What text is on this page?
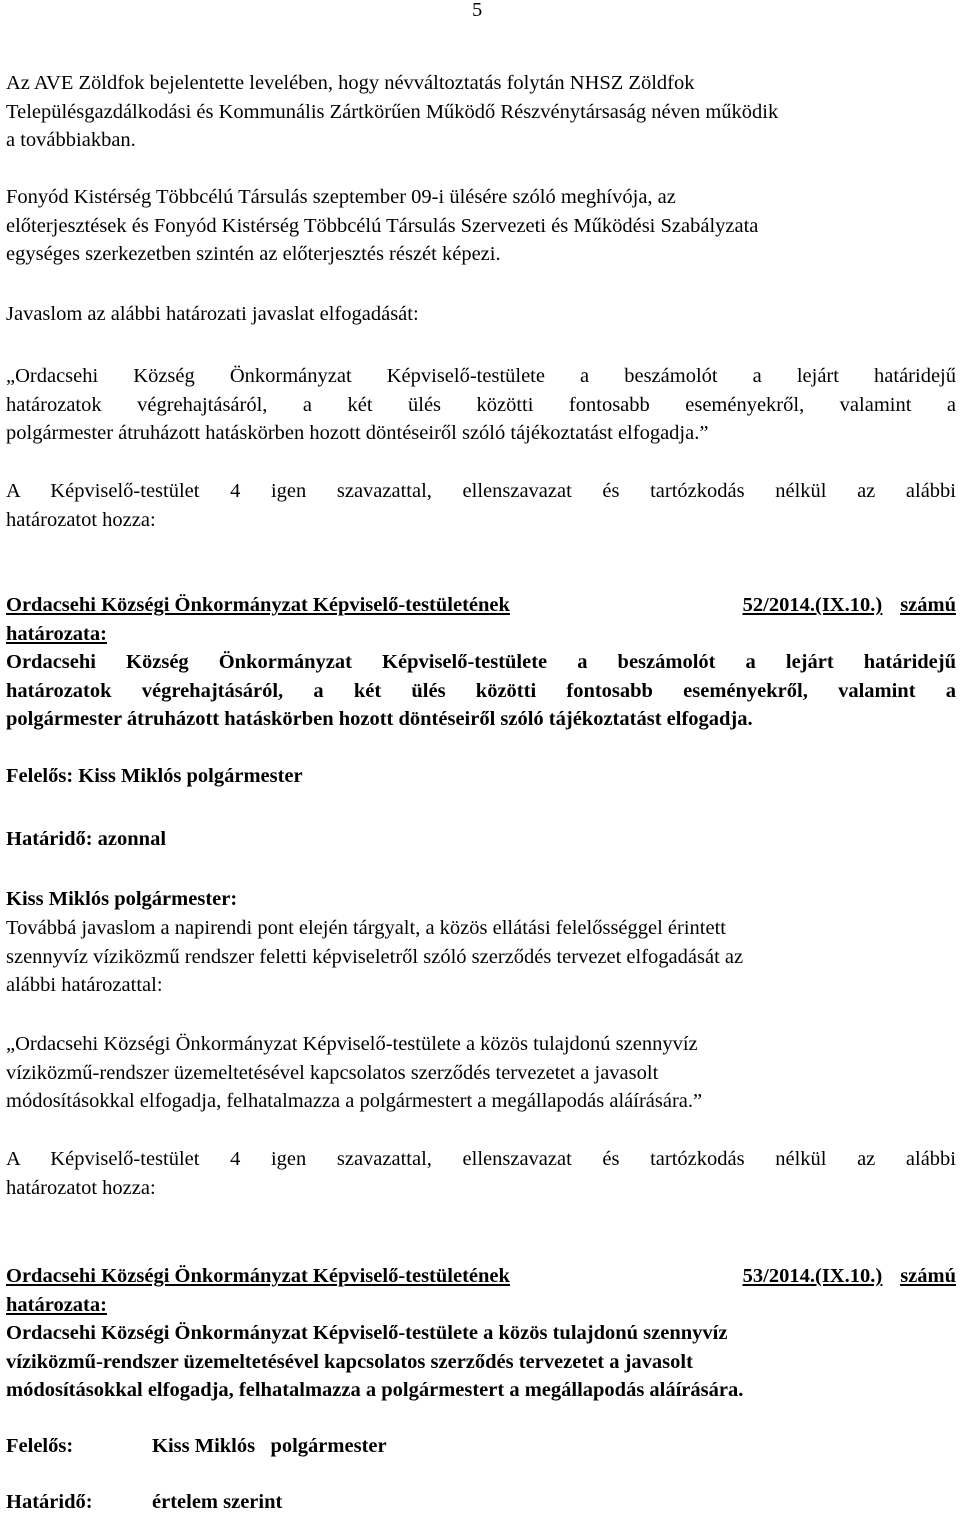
5
Az AVE Zöldfok bejelentette levelében, hogy névváltoztatás folytán NHSZ Zöldfok
Településgazdálkodási és Kommunális Zártkörűen Működő Részvénytársaság néven működik
a továbbiakban.
Fonyód Kistérség Többcélú Társulás szeptember 09-i ülésére szóló meghívója, az
előterjesztések és Fonyód Kistérség Többcélú Társulás Szervezeti és Működési Szabályzata
egységes szerkezetben szintén az előterjesztés részét képezi.
Javaslom az alábbi határozati javaslat elfogadását:
„Ordacsehi Község Önkormányzat Képviselő-testülete a beszámolót a lejárt határidejű
határozatok végrehajtásáról, a két ülés közötti fontosabb eseményekről, valamint a
polgármester átruházott hatáskörben hozott döntéseiről szóló tájékoztatást elfogadja.”
A Képviselő-testület 4 igen szavazattal, ellenszavazat és tartózkodás nélkül az alábbi
határozatot hozza:
Ordacsehi Községi Önkormányzat Képviselő-testületének	52/2014.(IX.10.) számú
határozata:
Ordacsehi Község Önkormányzat Képviselő-testülete a beszámolót a lejárt határidejű
határozatok végrehajtásáról, a két ülés közötti fontosabb eseményekről, valamint a
polgármester átruházott hatáskörben hozott döntéseiről szóló tájékoztatást elfogadja.
Felelős: Kiss Miklós polgármester
Határidő: azonnal
Kiss Miklós polgármester:
Továbbá javaslom a napirendi pont elején tárgyalt, a közös ellátási felelősséggel érintett
szennyvíz víziközmű rendszer feletti képviseletről szóló szerződés tervezet elfogadását az
alábbi határozattal:
„Ordacsehi Községi Önkormányzat Képviselő-testülete a közös tulajdonú szennyvíz
víziközmű-rendszer üzemeltetésével kapcsolatos szerződés tervezetet a javasolt
módosításokkal elfogadja, felhatalmazza a polgármestert a megállapodás aláírására.”
A Képviselő-testület 4 igen szavazattal, ellenszavazat és tartózkodás nélkül az alábbi
határozatot hozza:
Ordacsehi Községi Önkormányzat Képviselő-testületének	53/2014.(IX.10.) számú
határozata:
Ordacsehi Községi Önkormányzat Képviselő-testülete a közös tulajdonú szennyvíz
víziközmű-rendszer üzemeltetésével kapcsolatos szerződés tervezetet a javasolt
módosításokkal elfogadja, felhatalmazza a polgármestert a megállapodás aláírására.
Felelős:	Kiss Miklós   polgármester
Határidő:	értelem szerint
